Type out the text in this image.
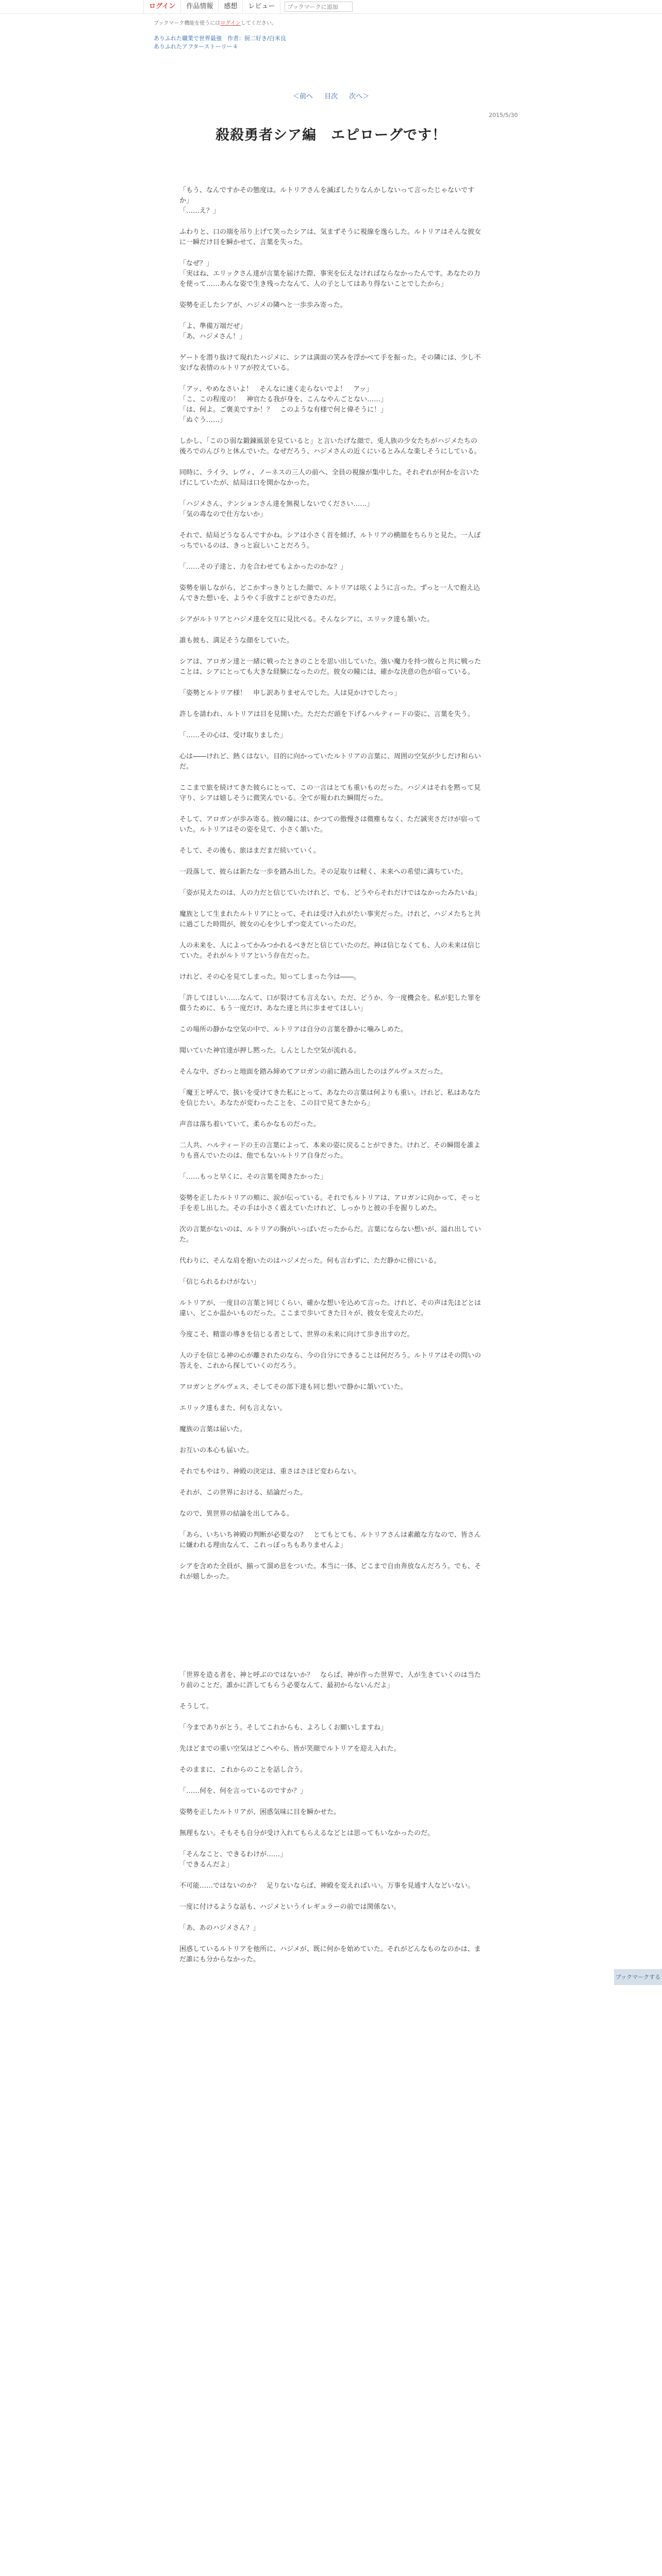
ログイン	作品情報	感想	レビュー
ブックマークに追加
ブックマーク機能を使うにはログインしてください。
ありふれた職業で世界最強　作者：厨二好き/白米良
ありふれたアフターストーリー４
＜前へ 目次 次へ＞
2015/5/30
殺殺勇者シア編　エピローグです！

「もう、なんですかその態度は。ルトリアさんを滅ぼしたりなんかしないって言ったじゃないですか」
「……え？」

ふわりと、口の端を吊り上げて笑ったシアは、気まずそうに視線を逸らした。ルトリアはそんな彼女に一瞬だけ目を瞬かせて、言葉を失った。

「なぜ？」
「実はね、エリックさん達が言葉を届けた際、事実を伝えなければならなかったんです。あなたの力を使って……あんな姿で生き残ったなんて、人の子としてはあり得ないことでしたから」

姿勢を正したシアが、ハジメの隣へと一歩歩み寄った。

「よ、準備万端だぜ」
「あ、ハジメさん！」

ゲートを潜り抜けて現れたハジメに、シアは満面の笑みを浮かべて手を振った。その隣には、少し不安げな表情のルトリアが控えている。

「アッ、やめなさいよ！　そんなに速く走らないでよ！　アッ」
「こ、この程度の！　神官たる我が身を、こんなやんごとない……」
「は、何よ。ご褒美ですか！？　このような有様で何と偉そうに！」
「ぬぐう……」

しかし、「このひ弱な鍛錬風景を見ていると」と言いたげな顔で、兎人族の少女たちがハジメたちの後ろでのんびりと休んでいた。なぜだろう、ハジメさんの近くにいるとみんな楽しそうにしている。

同時に、ライラ、レヴィ、ノーネスの三人の前へ、全員の視線が集中した。それぞれが何かを言いたげにしていたが、結局は口を開かなかった。

「ハジメさん、テンションさん達を無視しないでください……」
「気の毒なので仕方ないか」

それで、結局どうなるんですかね。シアは小さく首を傾げ、ルトリアの横顔をちらりと見た。一人ぼっちでいるのは、きっと寂しいことだろう。

「……その子達と、力を合わせてもよかったのかな？」

姿勢を崩しながら、どこかすっきりとした顔で、ルトリアは呟くように言った。ずっと一人で抱え込んできた想いを、ようやく手放すことができたのだ。

シアがルトリアとハジメ達を交互に見比べる。そんなシアに、エリック達も頷いた。

誰も彼も、満足そうな顔をしていた。

シアは、アロガン達と一緒に戦ったときのことを思い出していた。強い魔力を持つ彼らと共に戦ったことは、シアにとっても大きな経験になったのだ。彼女の瞳には、確かな決意の色が宿っている。

「姿勢とルトリア様！　申し訳ありませんでした。人は見かけでしたっ」

許しを請われ、ルトリアは目を見開いた。ただただ頭を下げるハルティードの姿に、言葉を失う。

「……その心は、受け取りました」

心は――けれど、熱くはない。目的に向かっていたルトリアの言葉に、周囲の空気が少しだけ和らいだ。

ここまで旅を続けてきた彼らにとって、この一言はとても重いものだった。ハジメはそれを黙って見守り、シアは嬉しそうに微笑んでいる。全てが報われた瞬間だった。

そして、アロガンが歩み寄る。彼の瞳には、かつての傲慢さは微塵もなく、ただ誠実さだけが宿っていた。ルトリアはその姿を見て、小さく頷いた。

そして、その後も、旅はまだまだ続いていく。

一段落して、彼らは新たな一歩を踏み出した。その足取りは軽く、未来への希望に満ちていた。

「姿が見えたのは、人の力だと信じていたけれど、でも、どうやらそれだけではなかったみたいね」

魔族として生まれたルトリアにとって、それは受け入れがたい事実だった。けれど、ハジメたちと共に過ごした時間が、彼女の心を少しずつ変えていったのだ。

人の未来を、人によってかみつかれるべきだと信じていたのだ。神は信じなくても、人の未来は信じていた。それがルトリアという存在だった。

けれど、その心を見てしまった。知ってしまった今は――。

「許してほしい……なんて、口が裂けても言えない。ただ、どうか、今一度機会を。私が犯した罪を償うために、もう一度だけ、あなた達と共に歩ませてほしい」

この場所の静かな空気の中で、ルトリアは自分の言葉を静かに噛みしめた。

聞いていた神官達が押し黙った。しんとした空気が流れる。

そんな中、ざわっと地面を踏み締めてアロガンの前に踏み出したのはグルヴェスだった。

「魔王と呼んで、扱いを受けてきた私にとって、あなたの言葉は何よりも重い。けれど、私はあなたを信じたい。あなたが変わったことを、この目で見てきたから」

声音は落ち着いていて、柔らかなものだった。

二人共、ハルティードの王の言葉によって、本来の姿に戻ることができた。けれど、その瞬間を誰よりも喜んでいたのは、他でもないルトリア自身だった。

「……もっと早くに、その言葉を聞きたかった」

姿勢を正したルトリアの頬に、涙が伝っている。それでもルトリアは、アロガンに向かって、そっと手を差し出した。その手は小さく震えていたけれど、しっかりと彼の手を握りしめた。

次の言葉がないのは、ルトリアの胸がいっぱいだったからだ。言葉にならない想いが、溢れ出していた。

代わりに、そんな肩を抱いたのはハジメだった。何も言わずに、ただ静かに傍にいる。

「信じられるわけがない」

ルトリアが、一度目の言葉と同じくらい、確かな想いを込めて言った。けれど、その声は先ほどとは違い、どこか温かいものだった。ここまで歩いてきた日々が、彼女を変えたのだ。

今度こそ、精霊の導きを信じる者として、世界の未来に向けて歩き出すのだ。

人の子を信じる神の心が離されたのなら、今の自分にできることは何だろう。ルトリアはその問いの答えを、これから探していくのだろう。

アロガンとグルヴェス、そしてその部下達も同じ想いで静かに頷いていた。

エリック達もまた、何も言えない。

魔族の言葉は届いた。

お互いの本心も届いた。

それでもやはり、神殿の決定は、重さはさほど変わらない。

それが、この世界における、結論だった。

なので、異世界の結論を出してみる。

「あら、いちいち神殿の判断が必要なの？　とてもとても、ルトリアさんは素敵な方なので、皆さんに嫌われる理由なんて、これっぽっちもありませんよ」

シアを含めた全員が、揃って溜め息をついた。本当に一体、どこまで自由奔放なんだろう。でも、それが嬉しかった。

「世界を造る者を、神と呼ぶのではないか？　ならば、神が作った世界で、人が生きていくのは当たり前のことだ。誰かに許してもらう必要なんて、最初からないんだよ」

そうして。

「今までありがとう。そしてこれからも、よろしくお願いしますね」

先ほどまでの重い空気はどこへやら、皆が笑顔でルトリアを迎え入れた。

そのままに、これからのことを話し合う。

「……何を、何を言っているのですか？」

姿勢を正したルトリアが、困惑気味に目を瞬かせた。

無理もない。そもそも自分が受け入れてもらえるなどとは思ってもいなかったのだ。

「そんなこと、できるわけが……」
「できるんだよ」

不可能……ではないのか？　足りないならば、神殿を変えればいい。万事を見通す人などいない。

一度に付けるような話も、ハジメというイレギュラーの前では関係ない。

「あ、あのハジメさん？」

困惑しているルトリアを他所に、ハジメが、既に何かを始めていた。それがどんなものなのかは、まだ誰にも分からなかった。

ブックマークする
